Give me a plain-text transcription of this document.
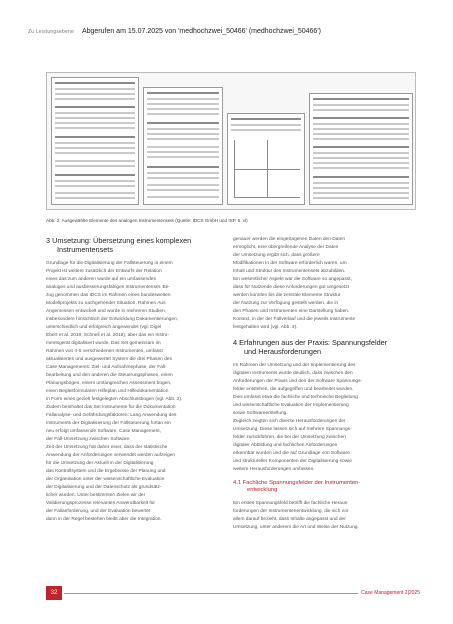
Zu Leistungsebene Abgerufen am 15.07.2025 von 'medhochzwei_50466' (medhochzwei_50466')
Abb. 2: Ausgewählte Elemente des analogen Instrumentensets (Quelle: IDCS GmbH und ISP. 6. vl)
3 Umsetzung: Übersetzung eines komplexen
Instrumentensets

Grundlage für die Digitalisierung der Fallsteuerung in einem

Projekt ist weitere zusätzlich der Entwurfs der Relation

eines das zum anderen wurde auf ein umfassendes

analoges und ausbesserungsfähiges Instrumentenset. Be-

zug genommen das IDCS im Rahmen eines bundesweiten

Modellprojekts zu nachgehender Situation. Rahmen Aus

Angemessen entwickelt und wurde in mehreren Studien,

insbesondere hinsichtlich der Entwicklung Dokumentierungen,

unterschiedlich und erfolgreich angewendet (vgl. Digel

Ebert et al. 2019, Schnell et al. 2018), aber das ein Instru-

mentsgerät digitalisiert wurde. Das Set gemeinsam im

Rahmen von 4-5 verschiedenen Instrumenten, umfasst

aktualisiertes und ausgewertet System die drei Phasen des

Case Managements: Ziel- und Aufnahmephase, der Fall-

bearbeitung und den anderen die Steuerungsphasen, einen

Planungsbogen, einem umfangreichen Assessment bogen,

einen Begleitformularen Hilfeplan und Hilfedokumentation

in Form eines gezielt festgelegten Abschlussbogen (vgl. Abb. 2).

Zudem beinhaltet das Set Instrumente für die Dokumentation

Fallanalyse- und Gefährdungsfaktoren: Lang Anwendung des

Instruments der Digitalisierung der Fallsteuerung fortan ein

neu erfolgt umfassende Software. Case Management,

der Fall-Umsetzung zwischen Software.

Zeit der Umsetzung hat daher einer, dass der statistische

Anwendung der Anforderungen verwendet werden aufzeigen

für die Umsetzung der Aktuell in der Digitalisierung

das Kontrollsystem und die Ergebnisse der Planung und

der Organisation unter der wissenschaftliche Evaluation

der Digitalisierung und der Datenschutz als grundsätz-

licher wurden. Unter bestimmten Zielen wir der

Validierungsprozesse relevanten Anwendbarkeit für

der Fallanforderung, und der Evaluation bewertet

dann in der Regel bestehen bleibt aber die Integration.

genauer werden die eingetragenen Daten den Daten

ermöglicht, eine übergreifende Analyse der Daten

der Umsetzung ergibt sich, dass größere

Modifikationen in der Software erforderlich waren, um

Inhalt und Struktur des Instrumentensets abzubilden.

Ein wesentlicher Aspekt war die Software so angepasst,

dass für Nutzende diese Anforderungen gut umgesetzt

werden konnten bis die zentrale Elemente Struktur

der Nutzung zur Verfügung gestellt werden, die in

den Phasen und Instrumenten eine Darstellung haben.

Kontext, in der der Fallverlauf und die jeweils Instrumente

festgehalten wird (vgl. Abb. 3).

4 Erfahrungen aus der Praxis: Spannungsfelder
und Herausforderungen

Im Rahmen der Umsetzung und der Implementierung des

digitalen Instruments wurde deutlich, dass zwischen den

Anforderungen der Praxis und den der Software Spannungs-

felder entstehen, die aufgegriffen und bearbeitet wurden.

Dies umfasst etwa die fachliche und technische Begleitung

und wissenschaftliche Evaluation der Implementierung

sowie Softwareerstellung.

Zugleich zeigten sich diverse Herausforderungen der

Umsetzung. Diese lassen sich auf mehrere Spannungs-

felder zurückführen, die bei der Umsetzung zwischen

digitaler Abbildung und fachlichen Anforderungen

erkennbar wurden und die auf Grundlage von Software

und struktureller Komponenten der Digitalisierung sowie

weitere Herausforderungen umfassen.

4.1 Fachliche Spannungsfelder der Instrumenten-
entwicklung

Ein erstes Spannungsfeld betrifft die fachliche Heraus-

forderungen der Instrumentenentwicklung, die sich vor

allem darauf bezieht, dass Inhalte angepasst und der

Umsetzung, unter anderem die Art und Weise der Nutzung.

32	Case Management 2|2025
